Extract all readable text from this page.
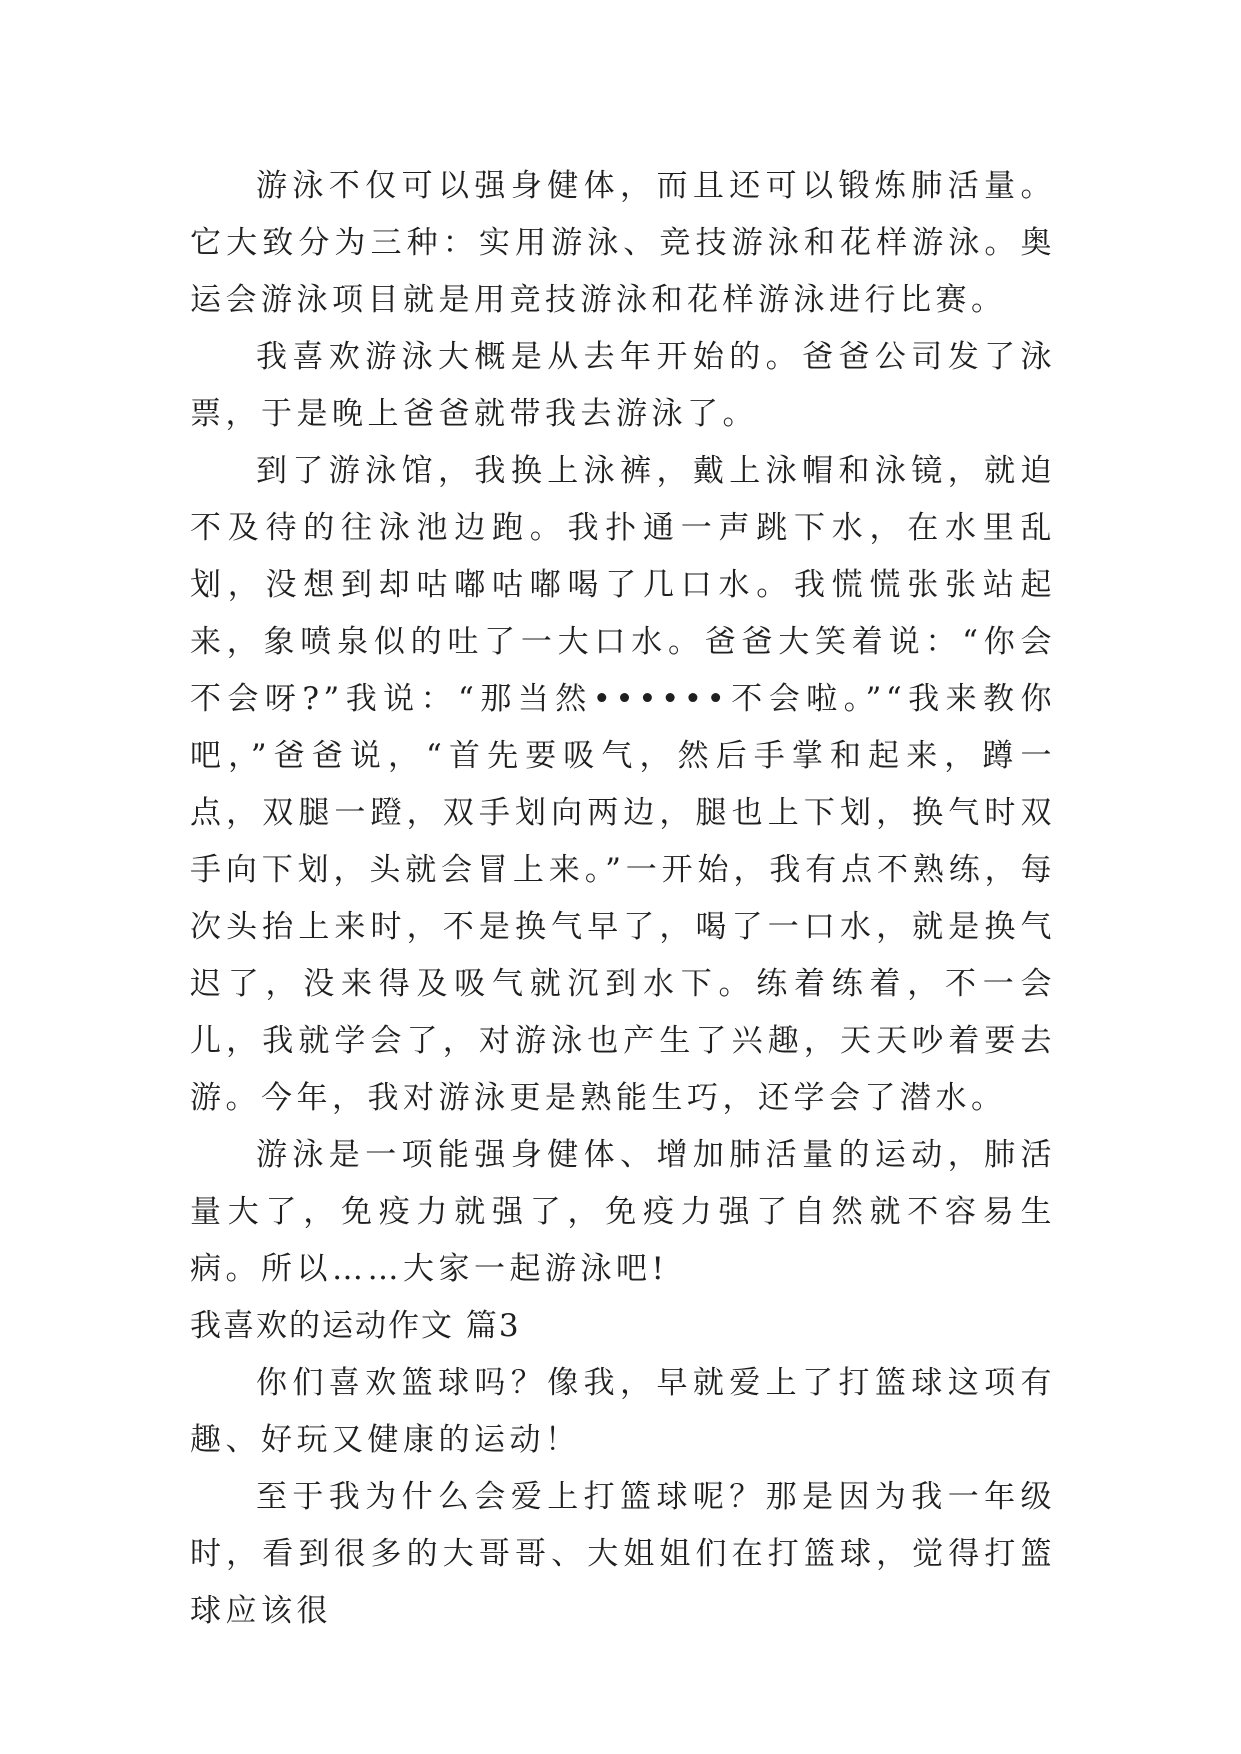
游泳不仅可以强身健体，而且还可以锻炼肺活量。它大致分为三种：实用游泳、竞技游泳和花样游泳。奥运会游泳项目就是用竞技游泳和花样游泳进行比赛。

我喜欢游泳大概是从去年开始的。爸爸公司发了泳票，于是晚上爸爸就带我去游泳了。

到了游泳馆，我换上泳裤，戴上泳帽和泳镜，就迫不及待的往泳池边跑。我扑通一声跳下水，在水里乱划，没想到却咕嘟咕嘟喝了几口水。我慌慌张张站起来，象喷泉似的吐了一大口水。爸爸大笑着说：“你会不会呀?”我说：“那当然••••••不会啦。”“我来教你吧，”爸爸说，“首先要吸气，然后手掌和起来，蹲一点，双腿一蹬，双手划向两边，腿也上下划，换气时双手向下划，头就会冒上来。”一开始，我有点不熟练，每次头抬上来时，不是换气早了，喝了一口水，就是换气迟了，没来得及吸气就沉到水下。练着练着，不一会儿，我就学会了，对游泳也产生了兴趣，天天吵着要去游。今年，我对游泳更是熟能生巧，还学会了潜水。

游泳是一项能强身健体、增加肺活量的运动，肺活量大了，免疫力就强了，免疫力强了自然就不容易生病。所以……大家一起游泳吧!

我喜欢的运动作文 篇3

你们喜欢篮球吗？像我，早就爱上了打篮球这项有趣、好玩又健康的运动！

至于我为什么会爱上打篮球呢？那是因为我一年级时，看到很多的大哥哥、大姐姐们在打篮球，觉得打篮球应该很
